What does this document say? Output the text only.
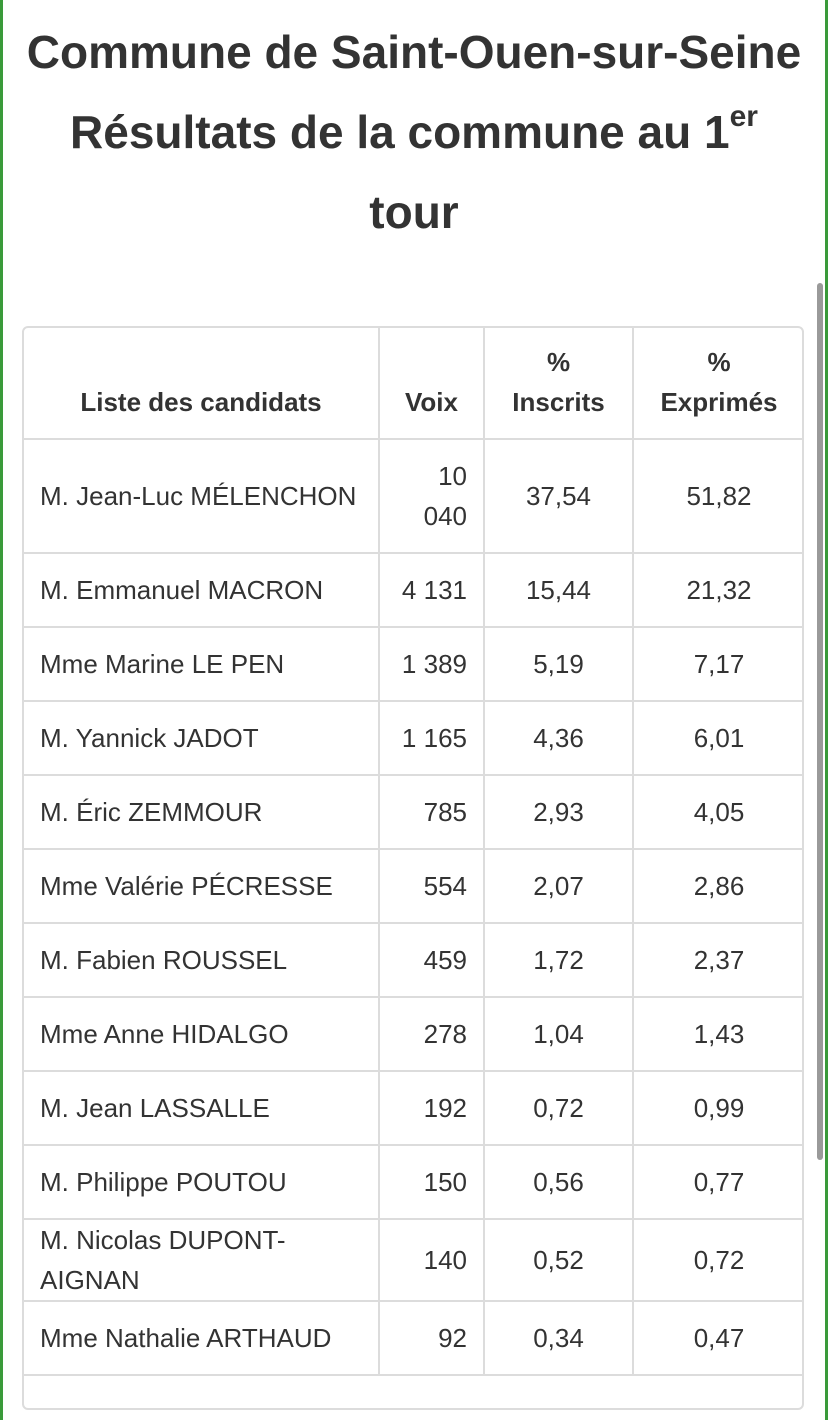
Commune de Saint-Ouen-sur-Seine
Résultats de la commune au 1er
tour
Liste des candidats	Voix	% Inscrits	% Exprimés
M. Jean-Luc MÉLENCHON	10 040	37,54	51,82
M. Emmanuel MACRON	4 131	15,44	21,32
Mme Marine LE PEN	1 389	5,19	7,17
M. Yannick JADOT	1 165	4,36	6,01
M. Éric ZEMMOUR	785	2,93	4,05
Mme Valérie PÉCRESSE	554	2,07	2,86
M. Fabien ROUSSEL	459	1,72	2,37
Mme Anne HIDALGO	278	1,04	1,43
M. Jean LASSALLE	192	0,72	0,99
M. Philippe POUTOU	150	0,56	0,77
M. Nicolas DUPONT-AIGNAN	140	0,52	0,72
Mme Nathalie ARTHAUD	92	0,34	0,47
